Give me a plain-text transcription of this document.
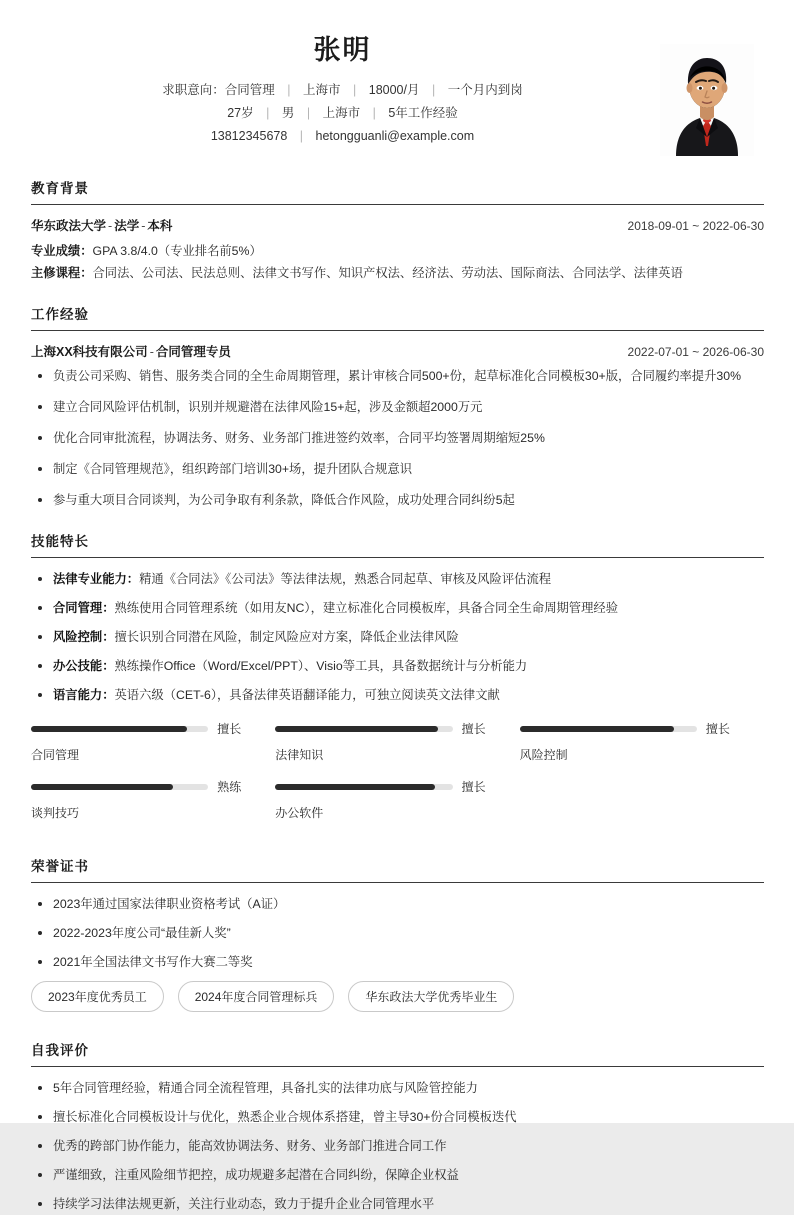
张明
求职意向：合同管理 | 上海市 | 18000/月 | 一个月内到岗
27岁 | 男 | 上海市 | 5年工作经验
13812345678 | hetongguanli@example.com
教育背景
华东政法大学 - 法学 - 本科	2018-09-01 ~ 2022-06-30
专业成绩：GPA 3.8/4.0（专业排名前5%）
主修课程：合同法、公司法、民法总则、法律文书写作、知识产权法、经济法、劳动法、国际商法、合同法学、法律英语
工作经验
上海XX科技有限公司 - 合同管理专员	2022-07-01 ~ 2026-06-30
负责公司采购、销售、服务类合同的全生命周期管理，累计审核合同500+份，起草标准化合同模板30+版，合同履约率提升30%
建立合同风险评估机制，识别并规避潜在法律风险15+起，涉及金额超2000万元
优化合同审批流程，协调法务、财务、业务部门推进签约效率，合同平均签署周期缩短25%
制定《合同管理规范》，组织跨部门培训30+场，提升团队合规意识
参与重大项目合同谈判，为公司争取有利条款，降低合作风险，成功处理合同纠纷5起
技能特长
法律专业能力：精通《合同法》《公司法》等法律法规，熟悉合同起草、审核及风险评估流程
合同管理：熟练使用合同管理系统（如用友NC），建立标准化合同模板库，具备合同全生命周期管理经验
风险控制：擅长识别合同潜在风险，制定风险应对方案，降低企业法律风险
办公技能：熟练操作Office（Word/Excel/PPT）、Visio等工具，具备数据统计与分析能力
语言能力：英语六级（CET-6），具备法律英语翻译能力，可独立阅读英文法律文献
擅长
合同管理
擅长
法律知识
擅长
风险控制
熟练
谈判技巧
擅长
办公软件
荣誉证书
2023年通过国家法律职业资格考试（A证）
2022-2023年度公司“最佳新人奖”
2021年全国法律文书写作大赛二等奖
2023年度优秀员工	2024年度合同管理标兵	华东政法大学优秀毕业生
自我评价
5年合同管理经验，精通合同全流程管理，具备扎实的法律功底与风险管控能力
擅长标准化合同模板设计与优化，熟悉企业合规体系搭建，曾主导30+份合同模板迭代
优秀的跨部门协作能力，能高效协调法务、财务、业务部门推进合同工作
严谨细致，注重风险细节把控，成功规避多起潜在合同纠纷，保障企业权益
持续学习法律法规更新，关注行业动态，致力于提升企业合同管理水平
